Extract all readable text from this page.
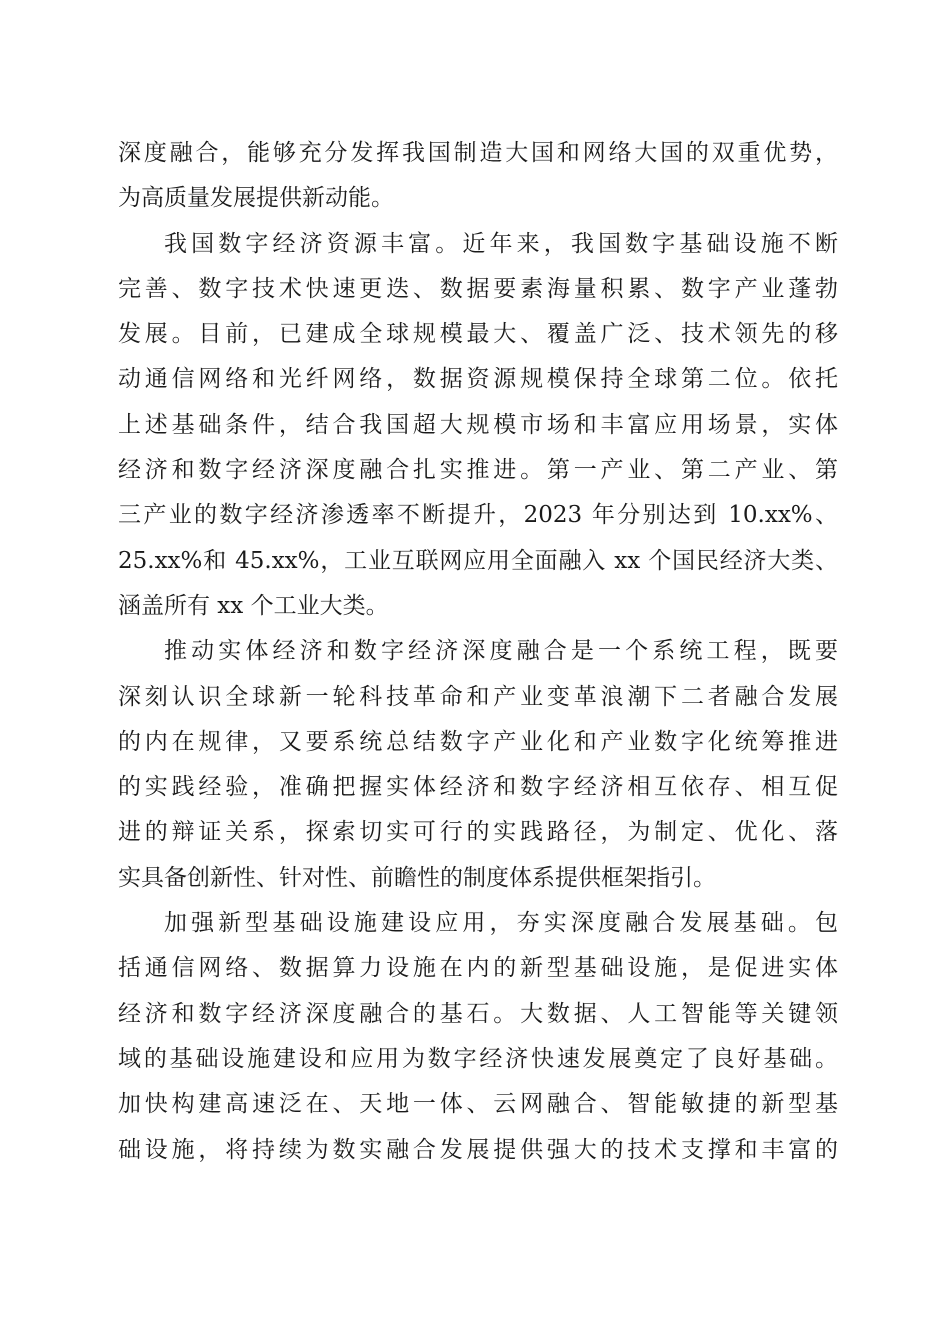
深度融合，能够充分发挥我国制造大国和网络大国的双重优势，
为高质量发展提供新动能。
我国数字经济资源丰富。近年来，我国数字基础设施不断
完善、数字技术快速更迭、数据要素海量积累、数字产业蓬勃
发展。目前，已建成全球规模最大、覆盖广泛、技术领先的移
动通信网络和光纤网络，数据资源规模保持全球第二位。依托
上述基础条件，结合我国超大规模市场和丰富应用场景，实体
经济和数字经济深度融合扎实推进。第一产业、第二产业、第
三产业的数字经济渗透率不断提升，2023 年分别达到 10.xx%、
25.xx%和 45.xx%，工业互联网应用全面融入 xx 个国民经济大类、
涵盖所有 xx 个工业大类。
推动实体经济和数字经济深度融合是一个系统工程，既要
深刻认识全球新一轮科技革命和产业变革浪潮下二者融合发展
的内在规律，又要系统总结数字产业化和产业数字化统筹推进
的实践经验，准确把握实体经济和数字经济相互依存、相互促
进的辩证关系，探索切实可行的实践路径，为制定、优化、落
实具备创新性、针对性、前瞻性的制度体系提供框架指引。
加强新型基础设施建设应用，夯实深度融合发展基础。包
括通信网络、数据算力设施在内的新型基础设施，是促进实体
经济和数字经济深度融合的基石。大数据、人工智能等关键领
域的基础设施建设和应用为数字经济快速发展奠定了良好基础。
加快构建高速泛在、天地一体、云网融合、智能敏捷的新型基
础设施，将持续为数实融合发展提供强大的技术支撑和丰富的
